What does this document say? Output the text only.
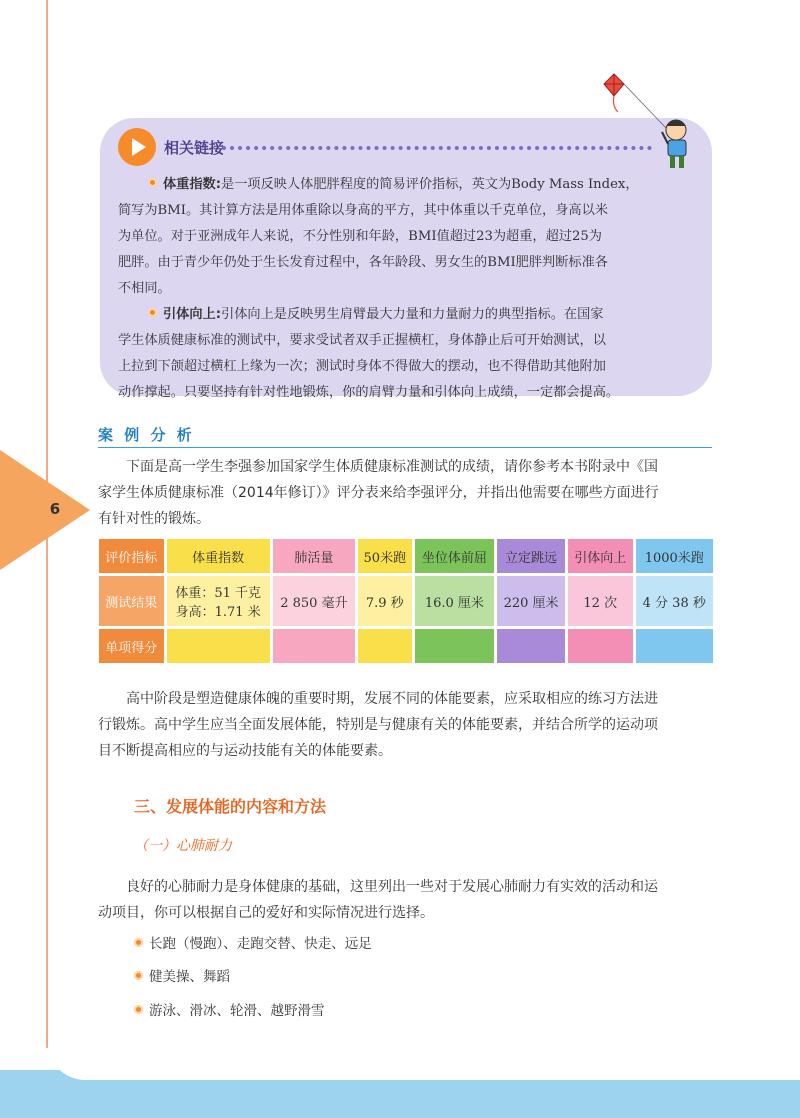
6
相关链接

体重指数:是一项反映人体肥胖程度的简易评价指标，英文为Body Mass Index，

简写为BMI。其计算方法是用体重除以身高的平方，其中体重以千克单位，身高以米

为单位。对于亚洲成年人来说，不分性别和年龄，BMI值超过23为超重，超过25为

肥胖。由于青少年仍处于生长发育过程中，各年龄段、男女生的BMI肥胖判断标准各

不相同。

引体向上:引体向上是反映男生肩臂最大力量和力量耐力的典型指标。在国家

学生体质健康标准的测试中，要求受试者双手正握横杠，身体静止后可开始测试，以

上拉到下颌超过横杠上缘为一次；测试时身体不得做大的摆动，也不得借助其他附加

动作撑起。只要坚持有针对性地锻炼，你的肩臂力量和引体向上成绩，一定都会提高。

案 例 分 析
下面是高一学生李强参加国家学生体质健康标准测试的成绩，请你参考本书附录中《国
家学生体质健康标准（2014年修订）》评分表来给李强评分，并指出他需要在哪些方面进行
有针对性的锻炼。
评价指标	体重指数	肺活量	50米跑	坐位体前屈	立定跳远	引体向上	1000米跑
测试结果	体重：51 千克
身高：1.71 米	2 850 毫升	7.9 秒	16.0 厘米	220 厘米	12 次	4 分 38 秒
单项得分							
高中阶段是塑造健康体魄的重要时期，发展不同的体能要素，应采取相应的练习方法进
行锻炼。高中学生应当全面发展体能，特别是与健康有关的体能要素，并结合所学的运动项
目不断提高相应的与运动技能有关的体能要素。
三、发展体能的内容和方法
（一）心肺耐力
良好的心肺耐力是身体健康的基础，这里列出一些对于发展心肺耐力有实效的活动和运
动项目，你可以根据自己的爱好和实际情况进行选择。
长跑（慢跑）、走跑交替、快走、远足
健美操、舞蹈
游泳、滑冰、轮滑、越野滑雪
